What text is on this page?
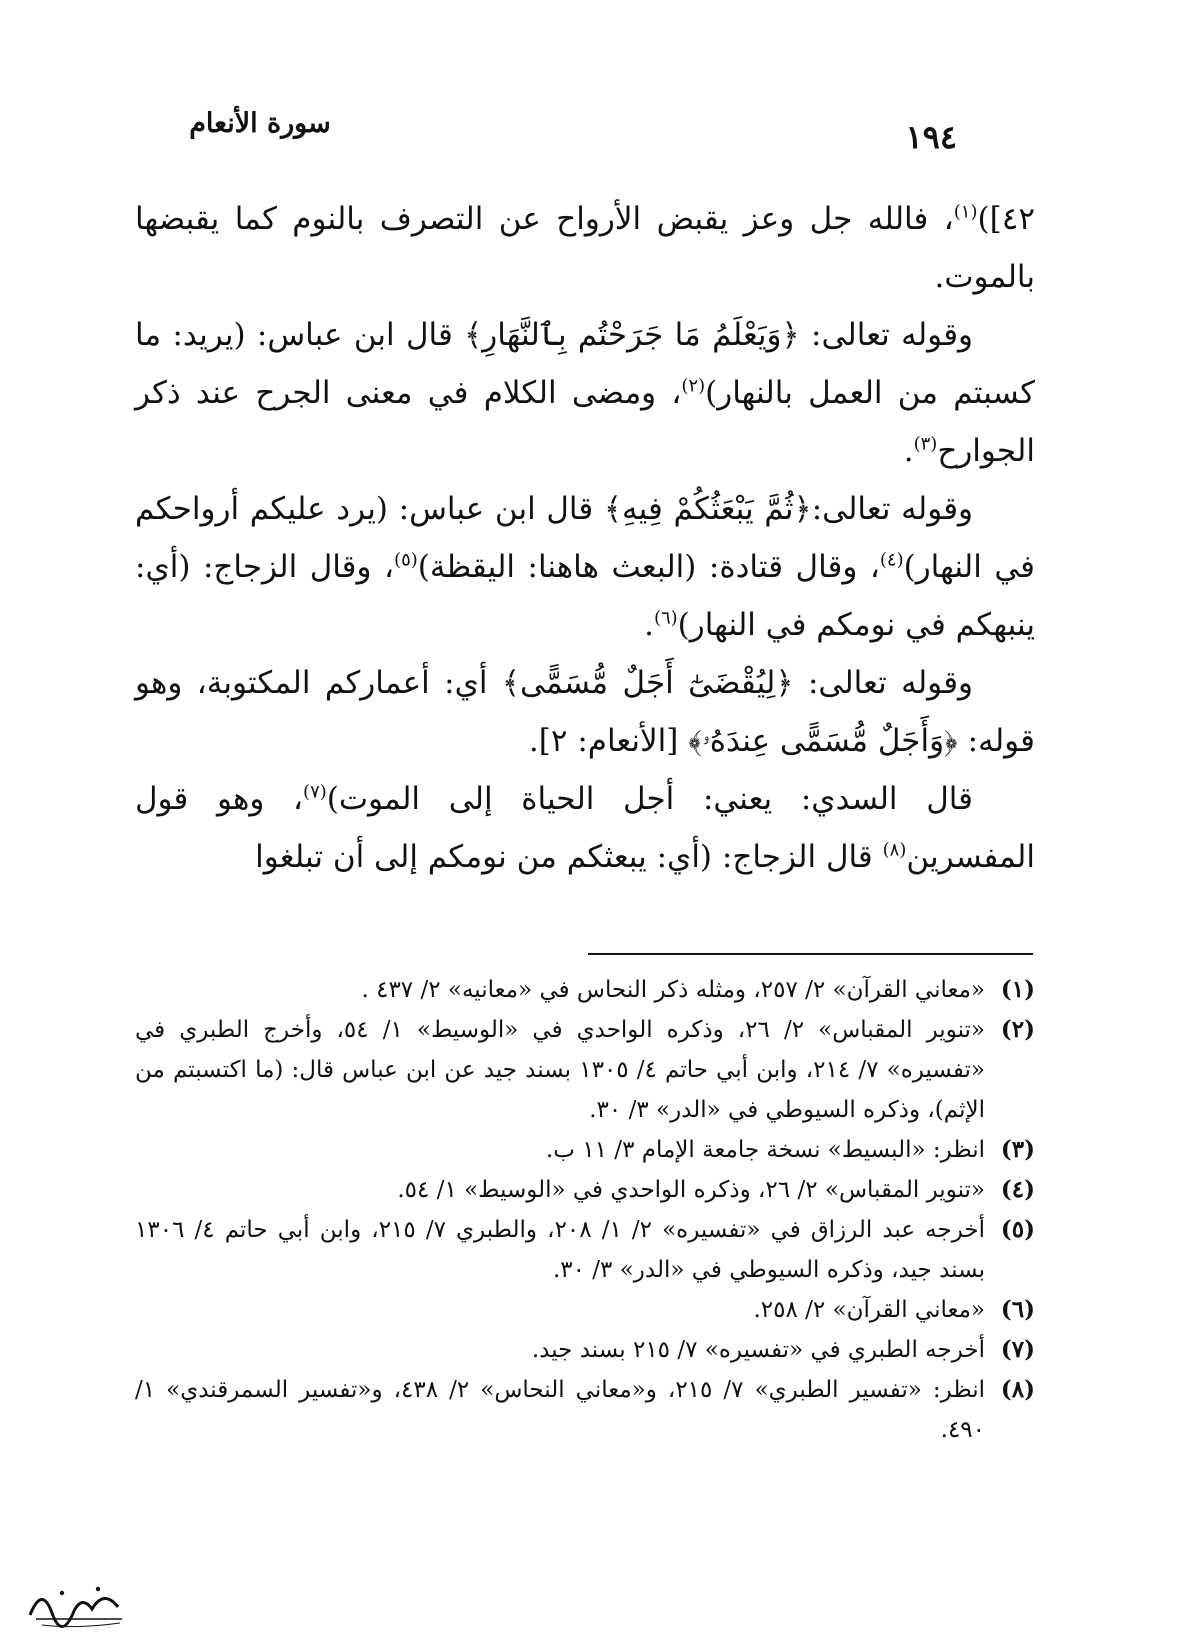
سورة الأنعام	١٩٤

٤٢])$^{(١)}$، فالله جل وعز يقبض الأرواح عن التصرف بالنوم كما يقبضها بالموت.

وقوله تعالى: ﴿وَيَعْلَمُ مَا جَرَحْتُم بِٱلنَّهَارِ﴾ قال ابن عباس: (يريد: ما كسبتم من العمل بالنهار)$^{(٢)}$، ومضى الكلام في معنى الجرح عند ذكر الجوارح$^{(٣)}$.

وقوله تعالى:﴿ثُمَّ يَبْعَثُكُمْ فِيهِ﴾ قال ابن عباس: (يرد عليكم أرواحكم في النهار)$^{(٤)}$، وقال قتادة: (البعث هاهنا: اليقظة)$^{(٥)}$، وقال الزجاج: (أي: ينبهكم في نومكم في النهار)$^{(٦)}$.

وقوله تعالى: ﴿لِيُقْضَىٰٓ أَجَلٌ مُّسَمًّى﴾ أي: أعماركم المكتوبة، وهو قوله: ﴿وَأَجَلٌ مُّسَمًّى عِندَهُۥ﴾ [الأنعام: ٢].

قال السدي: يعني: أجل الحياة إلى الموت)$^{(٧)}$، وهو قول المفسرين$^{(٨)}$ قال الزجاج: (أي: يبعثكم من نومكم إلى أن تبلغوا

(١)
«معاني القرآن» ٢/ ٢٥٧، ومثله ذكر النحاس في «معانيه» ٢/ ٤٣٧ .
(٢)
«تنوير المقباس» ٢/ ٢٦، وذكره الواحدي في «الوسيط» ١/ ٥٤، وأخرج الطبري في «تفسيره» ٧/ ٢١٤، وابن أبي حاتم ٤/ ١٣٠٥ بسند جيد عن ابن عباس قال: (ما اكتسبتم من الإثم)، وذكره السيوطي في «الدر» ٣/ ٣٠.
(٣)
انظر: «البسيط» نسخة جامعة الإمام ٣/ ١١ ب.
(٤)
«تنوير المقباس» ٢/ ٢٦، وذكره الواحدي في «الوسيط» ١/ ٥٤.
(٥)
أخرجه عبد الرزاق في «تفسيره» ٢/ ١/ ٢٠٨، والطبري ٧/ ٢١٥، وابن أبي حاتم ٤/ ١٣٠٦ بسند جيد، وذكره السيوطي في «الدر» ٣/ ٣٠.
(٦)
«معاني القرآن» ٢/ ٢٥٨.
(٧)
أخرجه الطبري في «تفسيره» ٧/ ٢١٥ بسند جيد.
(٨)
انظر: «تفسير الطبري» ٧/ ٢١٥، و«معاني النحاس» ٢/ ٤٣٨، و«تفسير السمرقندي» ١/ ٤٩٠.
